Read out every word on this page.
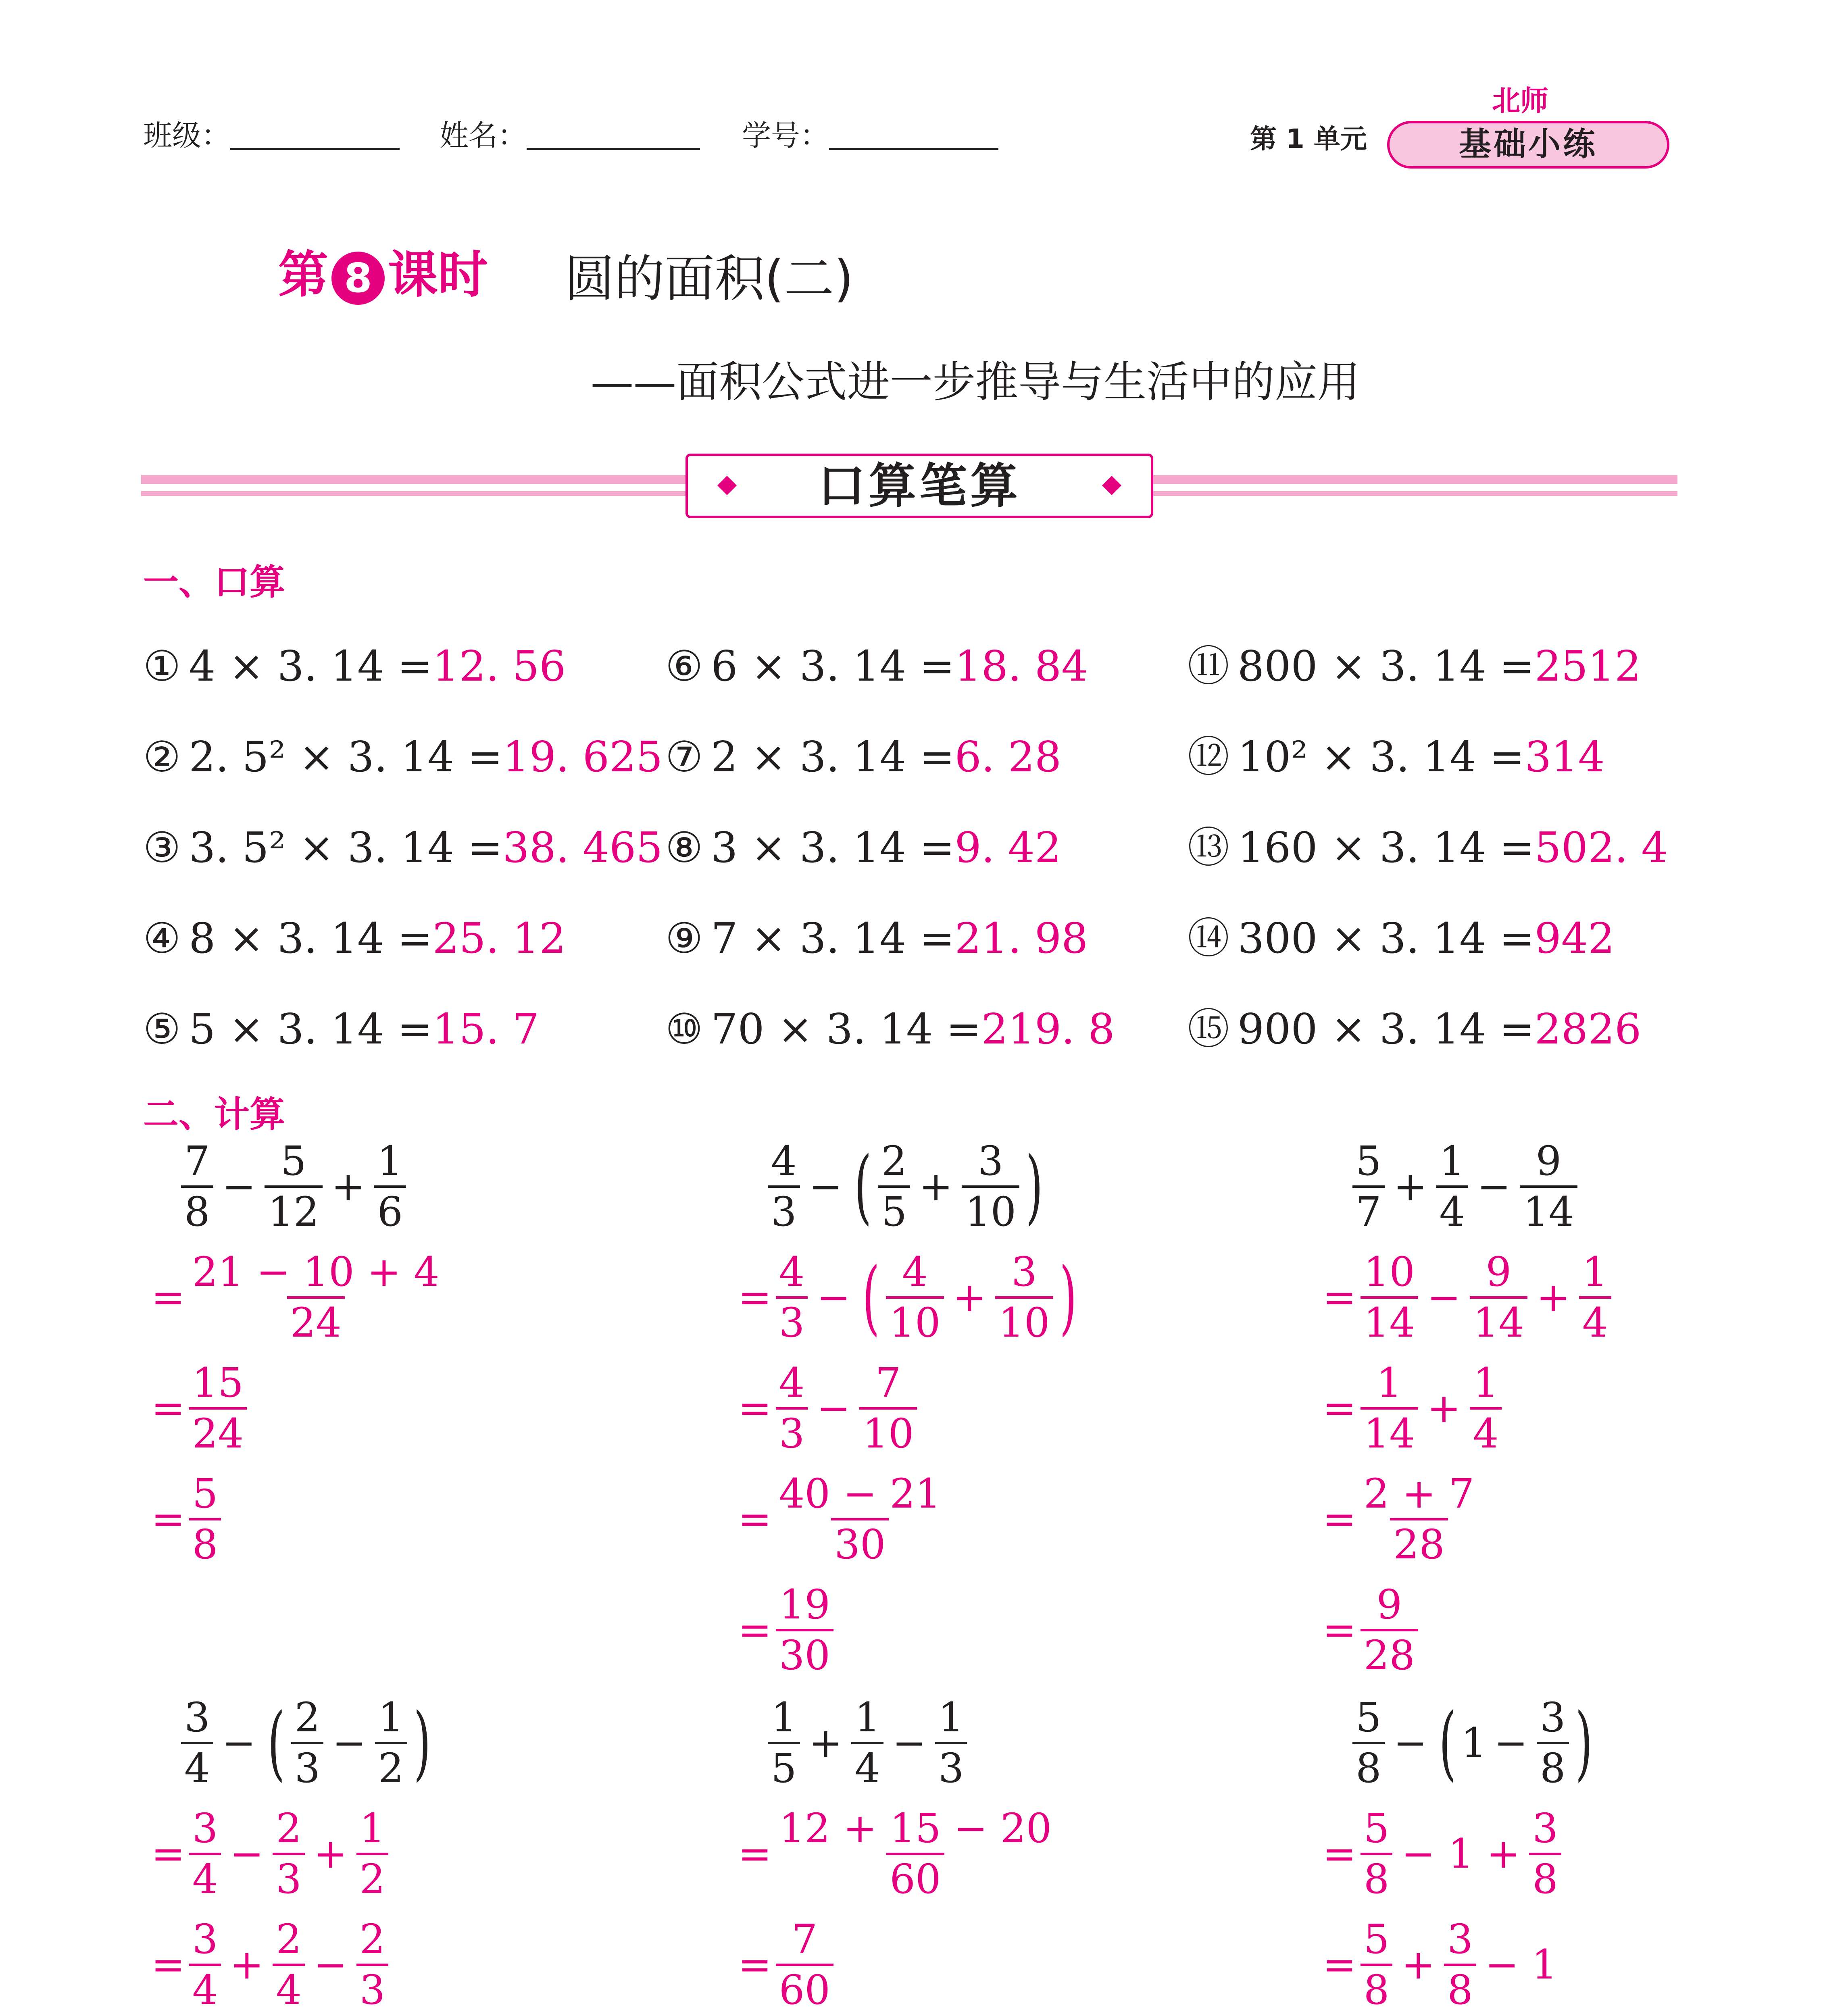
班级：	姓名：	学号：	第 1 单元
北师
基础小练
第 8 课时 圆的面积(二)
——面积公式进一步推导与生活中的应用
口算笔算
一、口算
① 4 × 3. 14 =12. 56
② 2. 5² × 3. 14 =19. 625
③ 3. 5² × 3. 14 =38. 465
④ 8 × 3. 14 =25. 12
⑤ 5 × 3. 14 =15. 7
⑥ 6 × 3. 14 =18. 84
⑦ 2 × 3. 14 =6. 28
⑧ 3 × 3. 14 =9. 42
⑨ 7 × 3. 14 =21. 98
⑩ 70 × 3. 14 =219. 8
⑪ 800 × 3. 14 =2512
⑫ 10² × 3. 14 =314
⑬ 160 × 3. 14 =502. 4
⑭ 300 × 3. 14 =942
⑮ 900 × 3. 14 =2826
二、计算
$\frac{7}{8} - \frac{5}{12} + \frac{1}{6}$
= $\frac{21 - 10 + 4}{24}$
= $\frac{15}{24}$
= $\frac{5}{8}$
$\frac{4}{3}$ − ( $\frac{2}{5} + \frac{3}{10}$ )
= $\frac{4}{3}$ − ( $\frac{4}{10} + \frac{3}{10}$ )
= $\frac{4}{3} - \frac{7}{10}$
= $\frac{40 - 21}{30}$
= $\frac{19}{30}$
$\frac{5}{7} + \frac{1}{4} - \frac{9}{14}$
= $\frac{10}{14} - \frac{9}{14} + \frac{1}{4}$
= $\frac{1}{14} + \frac{1}{4}$
= $\frac{2 + 7}{28}$
= $\frac{9}{28}$
$\frac{3}{4}$ − ( $\frac{2}{3} - \frac{1}{2}$ )
= $\frac{3}{4} - \frac{2}{3} + \frac{1}{2}$
= $\frac{3}{4} + \frac{2}{4} - \frac{2}{3}$
$\frac{1}{5} + \frac{1}{4} - \frac{1}{3}$
= $\frac{12 + 15 - 20}{60}$
= $\frac{7}{60}$
$\frac{5}{8}$ − ( $1 - \frac{3}{8}$ )
= $\frac{5}{8} - 1 + \frac{3}{8}$
= $\frac{5}{8} + \frac{3}{8} - 1$
